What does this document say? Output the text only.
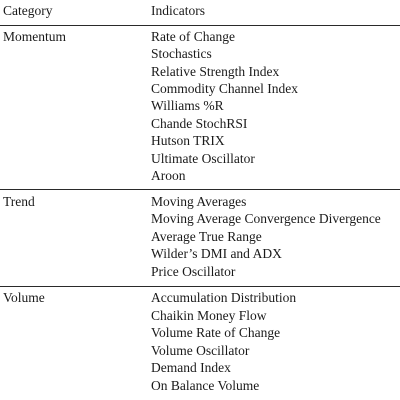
Category	Indicators
Momentum	Rate of Change
Stochastics
Relative Strength Index
Commodity Channel Index
Williams %R
Chande StochRSI
Hutson TRIX
Ultimate Oscillator
Aroon
Trend	Moving Averages
Moving Average Convergence Divergence
Average True Range
Wilder’s DMI and ADX
Price Oscillator
Volume	Accumulation Distribution
Chaikin Money Flow
Volume Rate of Change
Volume Oscillator
Demand Index
On Balance Volume
